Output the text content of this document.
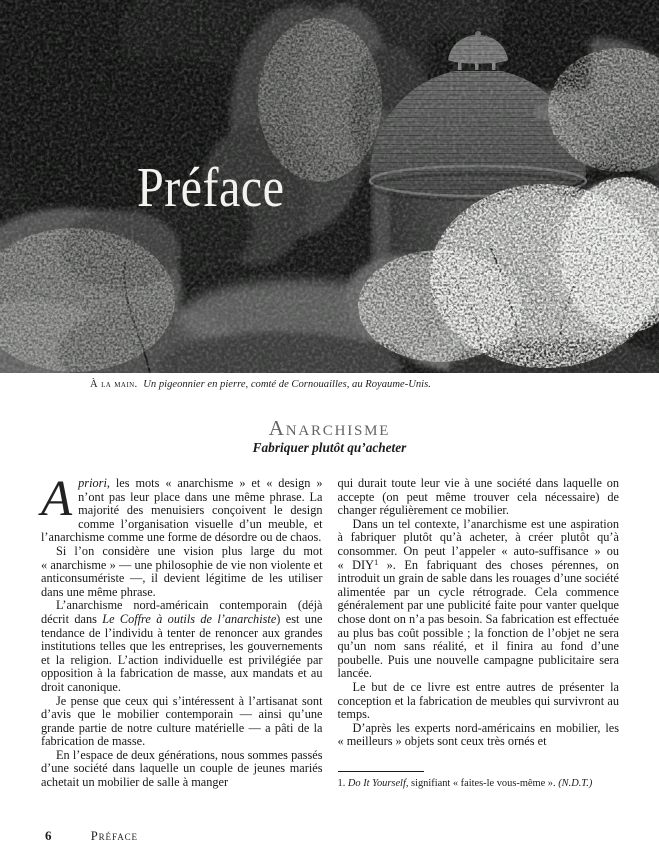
Préface
À la main. Un pigeonnier en pierre, comté de Cornouailles, au Royaume-Unis.
Anarchisme
Fabriquer plutôt qu’acheter

Apriori, les mots « anarchisme » et « design » n’ont pas leur place dans une même phrase. La majorité des menuisiers conçoivent le design comme l’organisation visuelle d’un meuble, et l’anarchisme comme une forme de désordre ou de chaos.

Si l’on considère une vision plus large du mot « anarchisme » — une philosophie de vie non violente et anticonsumériste —, il devient légitime de les utiliser dans une même phrase.

L’anarchisme nord-américain contemporain (déjà décrit dans Le Coffre à outils de l’anarchiste) est une tendance de l’individu à tenter de renoncer aux grandes institutions telles que les entreprises, les gouvernements et la religion. L’action individuelle est privilégiée par opposition à la fabrication de masse, aux mandats et au droit canonique.

Je pense que ceux qui s’intéressent à l’artisanat sont d’avis que le mobilier contemporain — ainsi qu’une grande partie de notre culture matérielle — a pâti de la fabrication de masse.

En l’espace de deux générations, nous sommes passés d’une société dans laquelle un couple de jeunes mariés achetait un mobilier de salle à manger

qui durait toute leur vie à une société dans laquelle on accepte (on peut même trouver cela nécessaire) de changer régulièrement ce mobilier.

Dans un tel contexte, l’anarchisme est une aspiration à fabriquer plutôt qu’à acheter, à créer plutôt qu’à consommer. On peut l’appeler « auto-suffisance » ou « DIY$^1$ ». En fabriquant des choses pérennes, on introduit un grain de sable dans les rouages d’une société alimentée par un cycle rétrograde. Cela commence généralement par une publicité faite pour vanter quelque chose dont on n’a pas besoin. Sa fabrication est effectuée au plus bas coût possible ; la fonction de l’objet ne sera qu’un nom sans réalité, et il finira au fond d’une poubelle. Puis une nouvelle campagne publicitaire sera lancée.

Le but de ce livre est entre autres de présenter la conception et la fabrication de meubles qui survivront au temps.

D’après les experts nord-américains en mobilier, les « meilleurs » objets sont ceux très ornés et

1. Do It Yourself, signifiant « faites-le vous-même ». (N.D.T.)
6	Préface
